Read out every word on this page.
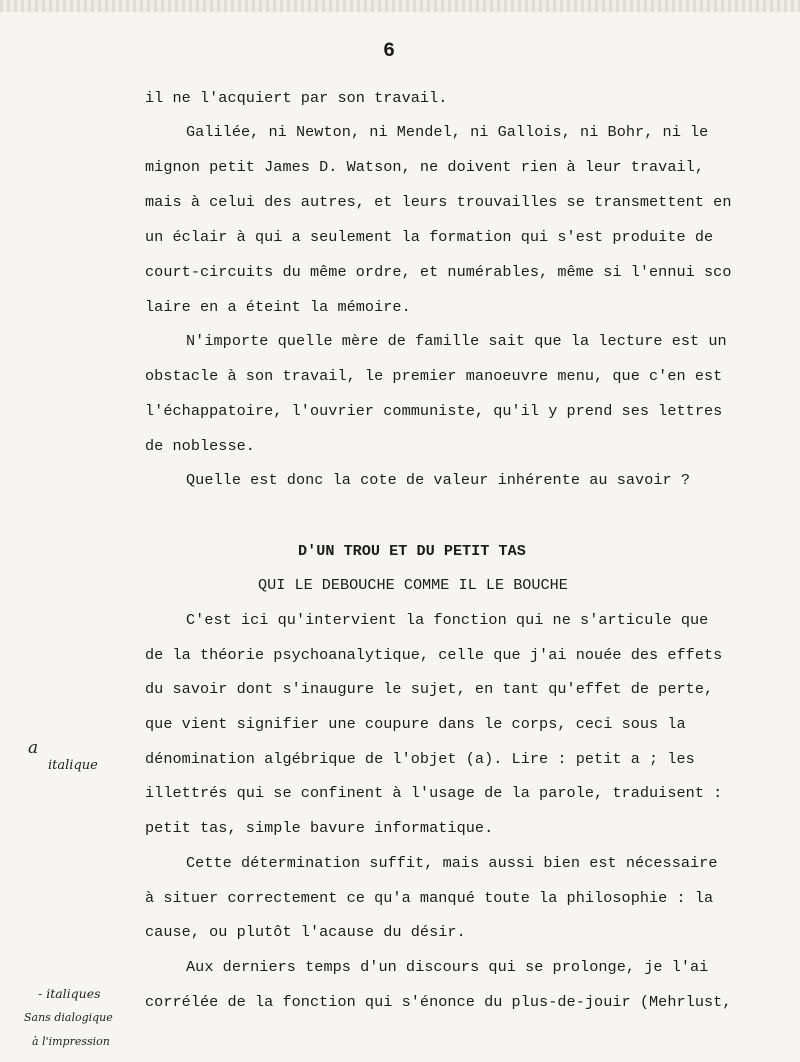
6
il ne l'acquiert par son travail.
Galilée, ni Newton, ni Mendel, ni Gallois, ni Bohr, ni le
mignon petit James D. Watson, ne doivent rien à leur travail,
mais à celui des autres, et leurs trouvailles se transmettent en
un éclair à qui a seulement la formation qui s'est produite de
court-circuits du même ordre, et numérables, même si l'ennui sco
laire en a éteint la mémoire.
N'importe quelle mère de famille sait que la lecture est un
obstacle à son travail, le premier manoeuvre menu, que c'en est
l'échappatoire, l'ouvrier communiste, qu'il y prend ses lettres
de noblesse.
Quelle est donc la cote de valeur inhérente au savoir ?
D'UN TROU ET DU PETIT TAS
QUI LE DEBOUCHE COMME IL LE BOUCHE
C'est ici qu'intervient la fonction qui ne s'articule que
de la théorie psychoanalytique, celle que j'ai nouée des effets
du savoir dont s'inaugure le sujet, en tant qu'effet de perte,
que vient signifier une coupure dans le corps, ceci sous la
dénomination algébrique de l'objet (a). Lire : petit a ; les
illettrés qui se confinent à l'usage de la parole, traduisent :
petit tas, simple bavure informatique.
Cette détermination suffit, mais aussi bien est nécessaire
à situer correctement ce qu'a manqué toute la philosophie : la
cause, ou plutôt l'acause du désir.
Aux derniers temps d'un discours qui se prolonge, je l'ai
corrélée de la fonction qui s'énonce du plus-de-jouir (Mehrlust,
a
italique
- italiques
Sans dialogique
à l'impression
